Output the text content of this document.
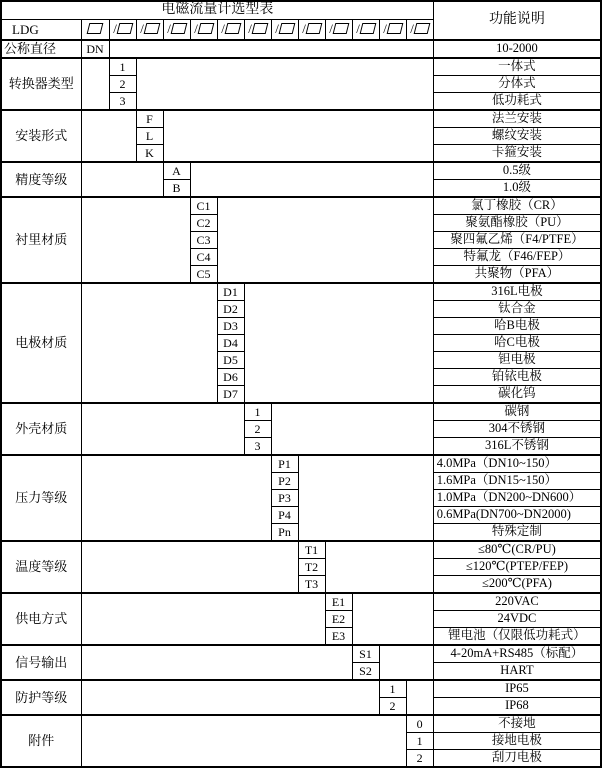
电磁流量计选型表														功能说明
LDG		/	/	/	/	/	/	/	/	/	/	/	/	
公称直径	DN													10-2000
转换器类型		1												一体式
		2												分体式
		3												低功耗式
安装形式			F											法兰安装
			L											螺纹安装
			K											卡箍安装
精度等级				A										0.5级
				B										1.0级
衬里材质					C1									氯丁橡胶（CR）
					C2									聚氨酯橡胶（PU）
					C3									聚四氟乙烯（F4/PTFE）
					C4									特氟龙（F46/FEP）
					C5									共聚物（PFA）
电极材质						D1								316L电极
						D2								钛合金
						D3								哈B电极
						D4								哈C电极
						D5								钽电极
						D6								铂铱电极
						D7								碳化钨
外壳材质							1							碳钢
							2							304不锈钢
							3							316L不锈钢
压力等级								P1						4.0MPa（DN10~150）
								P2						1.6MPa（DN15~150）
								P3						1.0MPa（DN200~DN600）
								P4						0.6MPa(DN700~DN2000)
								Pn						特殊定制
温度等级									T1					≤80℃(CR/PU)
									T2					≤120℃(PTEP/FEP)
									T3					≤200℃(PFA)
供电方式										E1				220VAC
										E2				24VDC
										E3				锂电池（仅限低功耗式）
信号输出											S1			4-20mA+RS485（标配）
											S2			HART
防护等级												1		IP65
												2		IP68
附件													0	不接地
													1	接地电极
													2	刮刀电极
